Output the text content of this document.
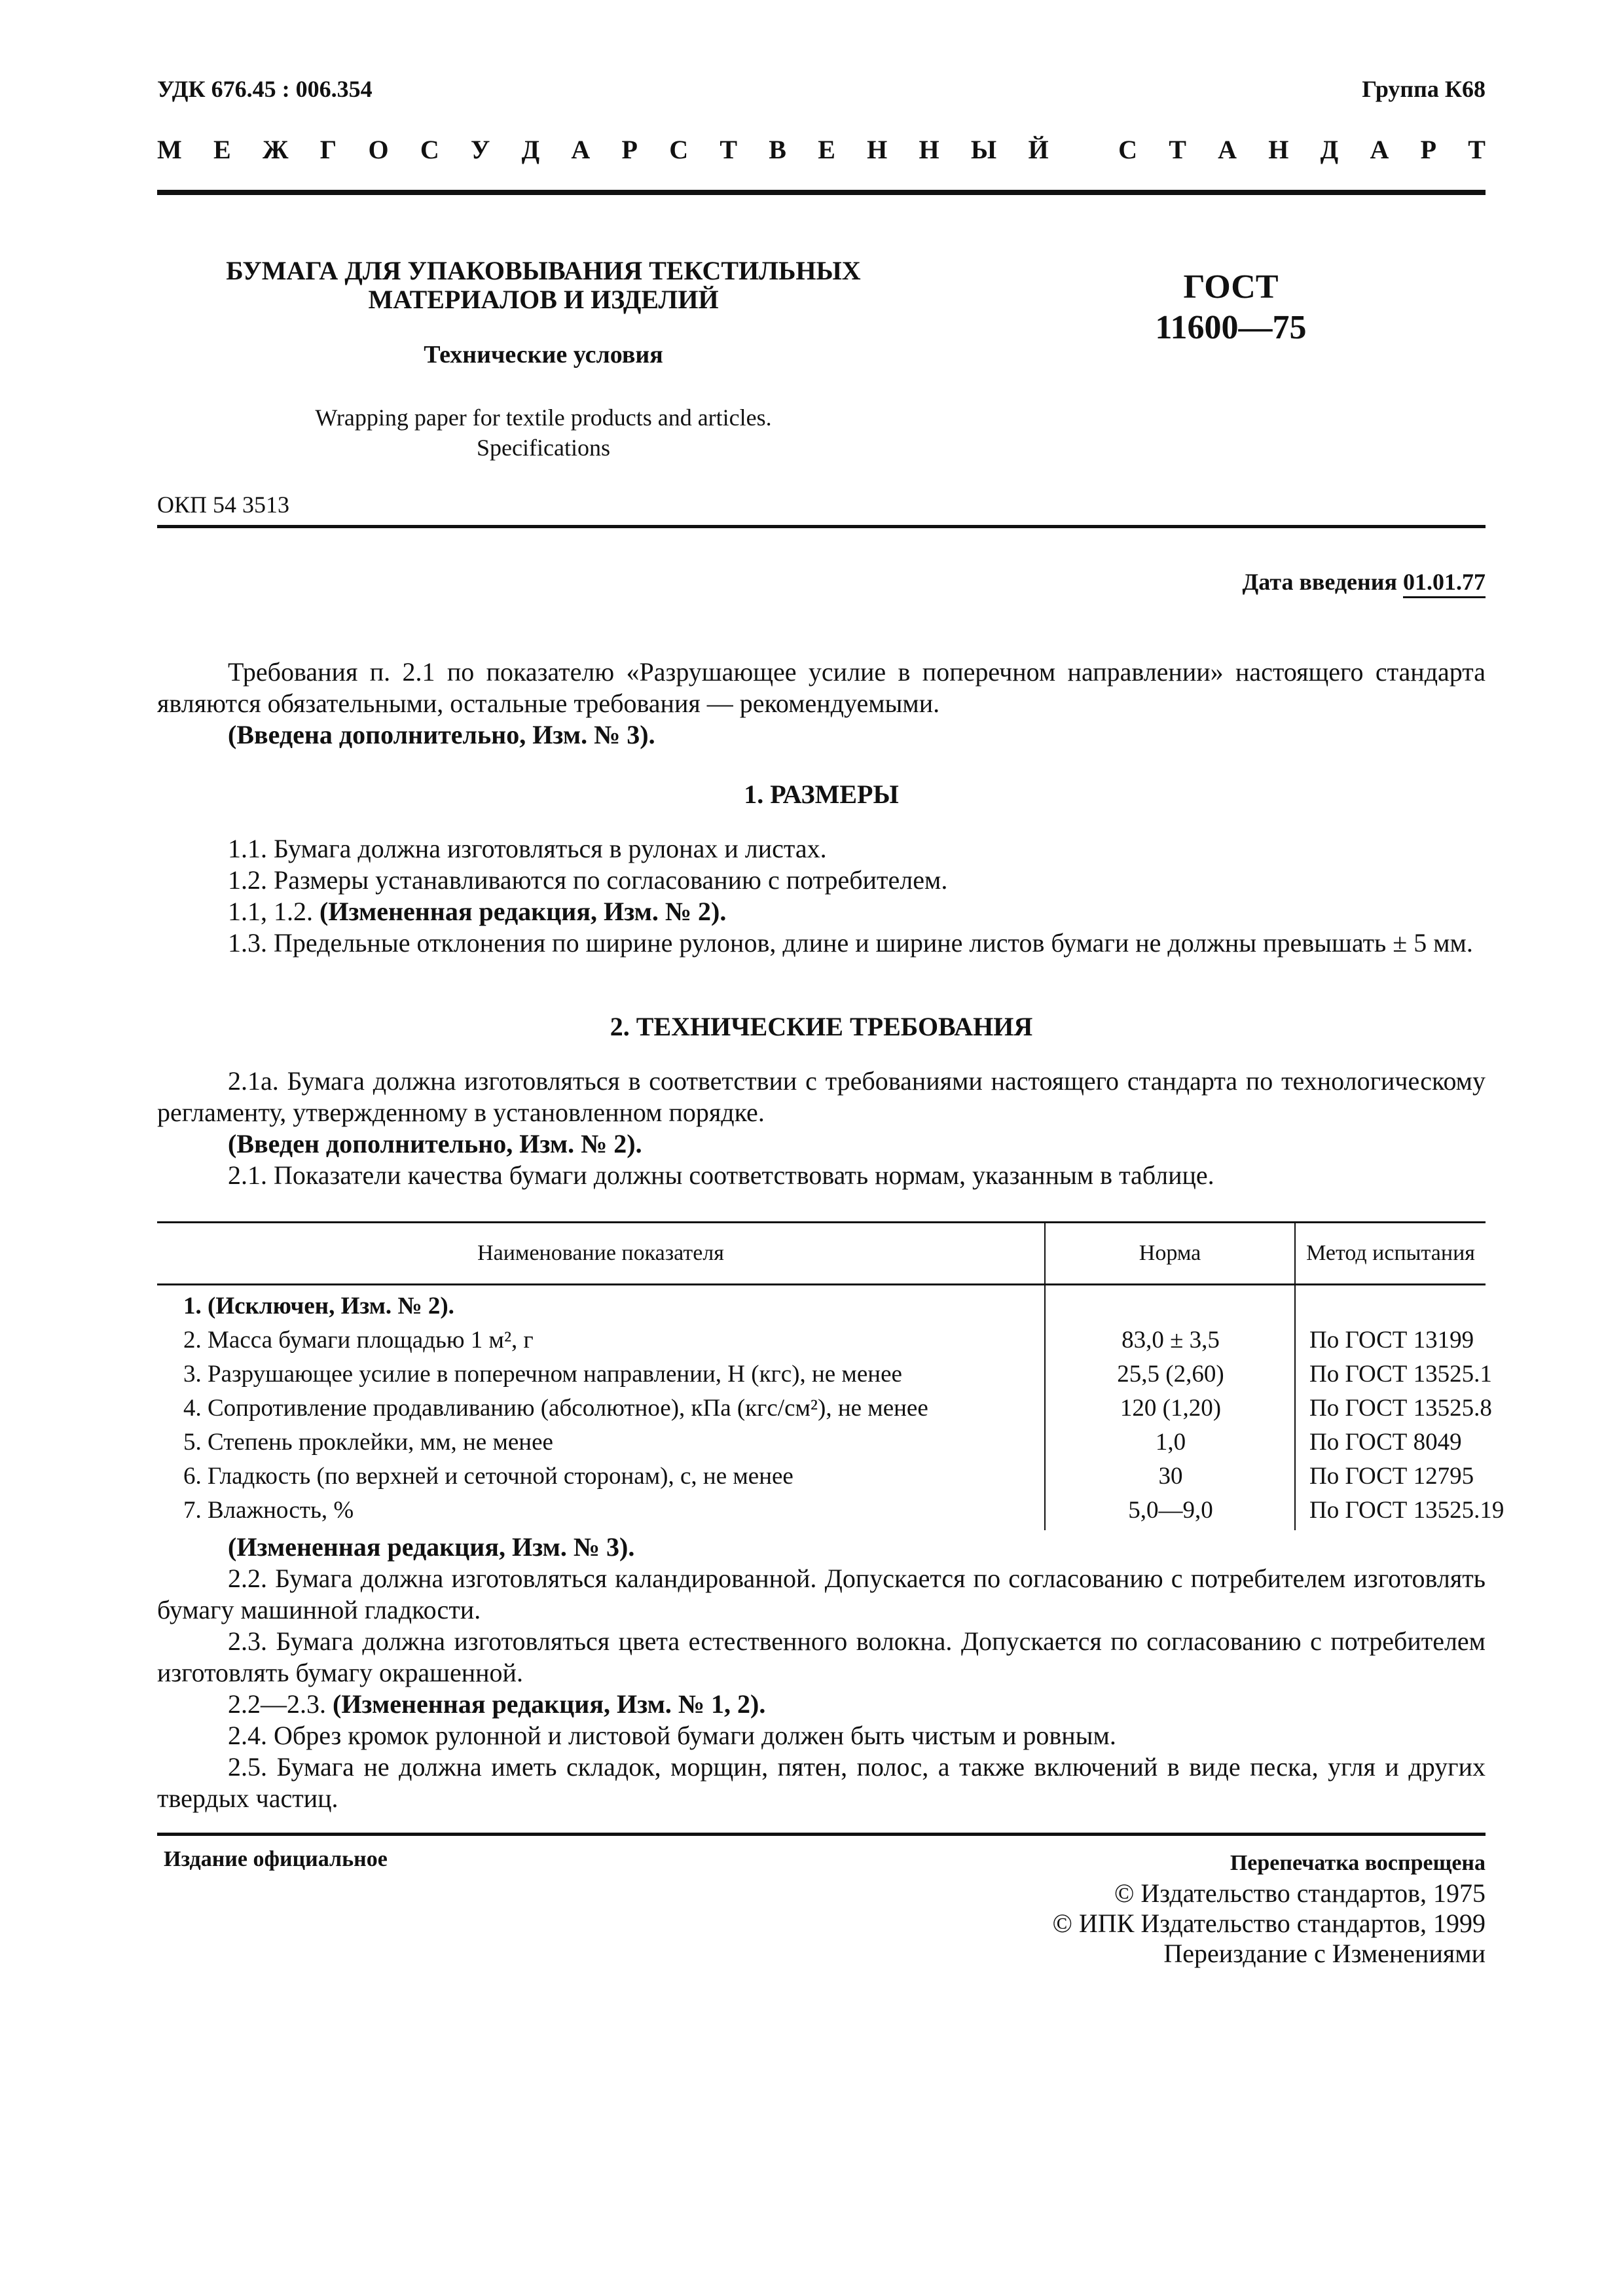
УДК 676.45 : 006.354	Группа К68
М Е Ж Г О С У Д А Р С Т В Е Н Н Ы Й
	С Т А Н Д А Р Т
БУМАГА ДЛЯ УПАКОВЫВАНИЯ ТЕКСТИЛЬНЫХ
МАТЕРИАЛОВ И ИЗДЕЛИЙ
Технические условия
Wrapping paper for textile products and articles.
Specifications
ГОСТ
11600—75
ОКП 54 3513
Дата введения 01.01.77

Требования п. 2.1 по показателю «Разрушающее усилие в поперечном направлении» настоящего стандарта являются обязательными, остальные требования — рекомендуемыми.

(Введена дополнительно, Изм. № 3).

1. РАЗМЕРЫ

1.1. Бумага должна изготовляться в рулонах и листах.

1.2. Размеры устанавливаются по согласованию с потребителем.

1.1, 1.2. (Измененная редакция, Изм. № 2).

1.3. Предельные отклонения по ширине рулонов, длине и ширине листов бумаги не должны превышать ± 5 мм.

2. ТЕХНИЧЕСКИЕ ТРЕБОВАНИЯ

2.1а. Бумага должна изготовляться в соответствии с требованиями настоящего стандарта по технологическому регламенту, утвержденному в установленном порядке.

(Введен дополнительно, Изм. № 2).

2.1. Показатели качества бумаги должны соответствовать нормам, указанным в таблице.

Наименование показателя	Норма	Метод испытания
1. (Исключен, Изм. № 2).
2. Масса бумаги площадью 1 м², г	83,0 ± 3,5	По ГОСТ 13199
3. Разрушающее усилие в поперечном направлении, Н (кгс), не менее	25,5 (2,60)	По ГОСТ 13525.1
4. Сопротивление продавливанию (абсолютное), кПа (кгс/см²), не менее	120 (1,20)	По ГОСТ 13525.8
5. Степень проклейки, мм, не менее	1,0	По ГОСТ 8049
6. Гладкость (по верхней и сеточной сторонам), с, не менее	30	По ГОСТ 12795
7. Влажность, %	5,0—9,0	По ГОСТ 13525.19

(Измененная редакция, Изм. № 3).

2.2. Бумага должна изготовляться каландированной. Допускается по согласованию с потребителем изготовлять бумагу машинной гладкости.

2.3. Бумага должна изготовляться цвета естественного волокна. Допускается по согласованию с потребителем изготовлять бумагу окрашенной.

2.2—2.3. (Измененная редакция, Изм. № 1, 2).

2.4. Обрез кромок рулонной и листовой бумаги должен быть чистым и ровным.

2.5. Бумага не должна иметь складок, морщин, пятен, полос, а также включений в виде песка, угля и других твердых частиц.

Издание официальное	Перепечатка воспрещена
© Издательство стандартов, 1975
© ИПК Издательство стандартов, 1999
Переиздание с Изменениями
